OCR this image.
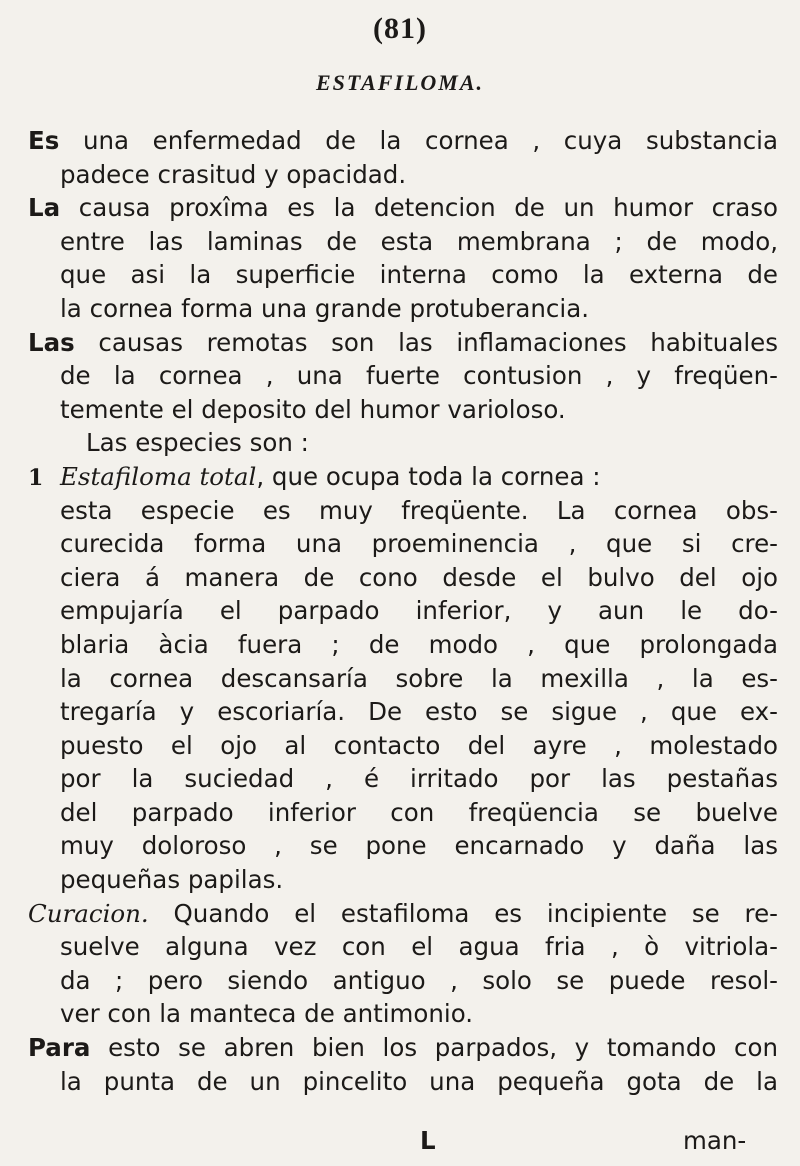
(81)
ESTAFILOMA.
Es una enfermedad de la cornea , cuya substancia
padece crasitud y opacidad.
La causa proxîma es la detencion de un humor craso
entre las laminas de esta membrana ; de modo,
que asi la superficie interna como la externa de
la cornea forma una grande protuberancia.
Las causas remotas son las inflamaciones habituales
de la cornea , una fuerte contusion , y freqüen-
temente el deposito del humor varioloso.
Las especies son :
1 Estafiloma total, que ocupa toda la cornea :
esta especie es muy freqüente. La cornea obs-
curecida forma una proeminencia , que si cre-
ciera á manera de cono desde el bulvo del ojo
empujaría el parpado inferior, y aun le do-
blaria àcia fuera ; de modo , que prolongada
la cornea descansaría sobre la mexilla , la es-
tregaría y escoriaría. De esto se sigue , que ex-
puesto el ojo al contacto del ayre , molestado
por la suciedad , é irritado por las pestañas
del parpado inferior con freqüencia se buelve
muy doloroso , se pone encarnado y daña las
pequeñas papilas.
Curacion. Quando el estafiloma es incipiente se re-
suelve alguna vez con el agua fria , ò vitriola-
da ; pero siendo antiguo , solo se puede resol-
ver con la manteca de antimonio.
Para esto se abren bien los parpados, y tomando con
la punta de un pincelito una pequeña gota de la
L	man-
